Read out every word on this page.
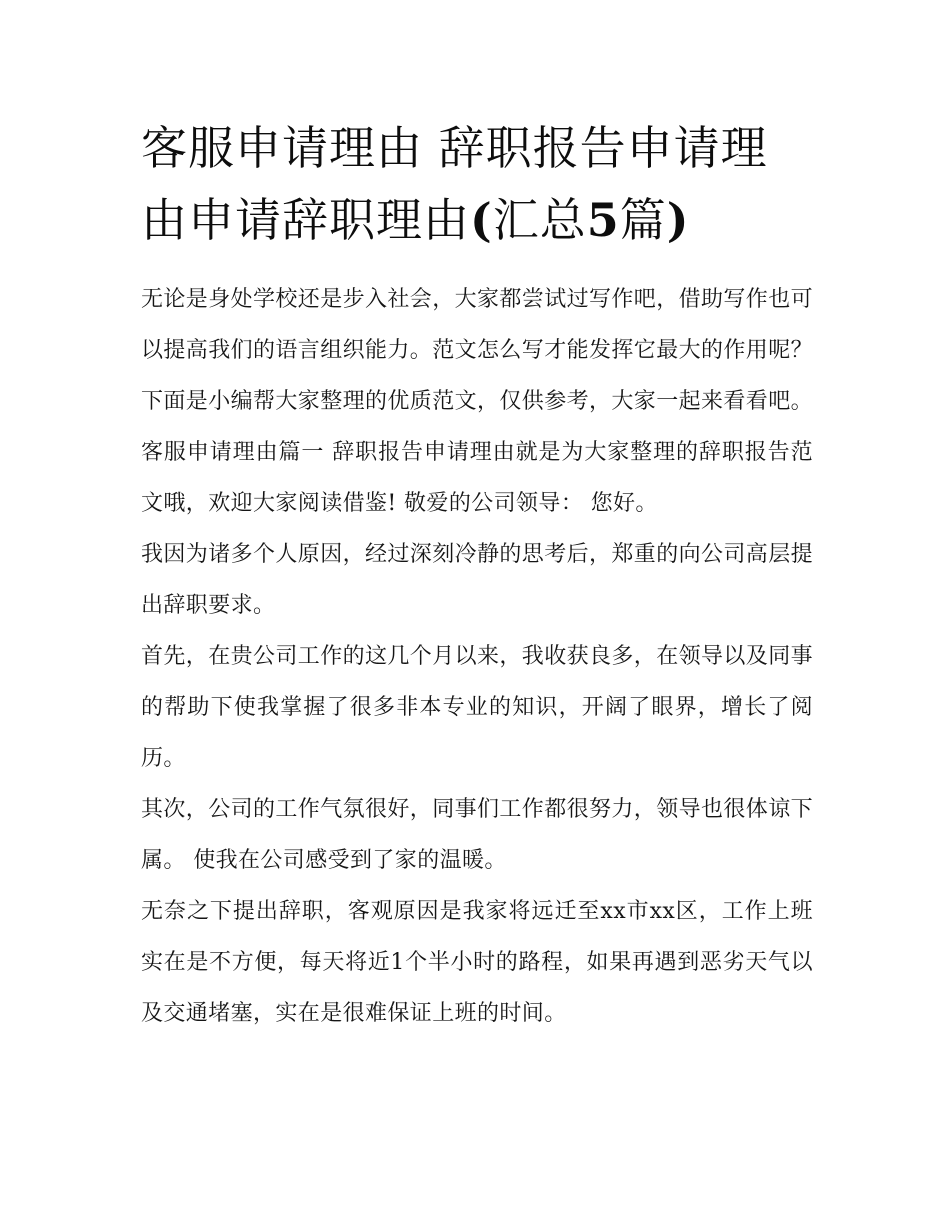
客服申请理由 辞职报告申请理
由申请辞职理由(汇总5篇)

无论是身处学校还是步入社会，大家都尝试过写作吧，借助写作也可以提高我们的语言组织能力。范文怎么写才能发挥它最大的作用呢？下面是小编帮大家整理的优质范文，仅供参考，大家一起来看看吧。

客服申请理由篇一 辞职报告申请理由就是为大家整理的辞职报告范文哦，欢迎大家阅读借鉴! 敬爱的公司领导： 您好。

我因为诸多个人原因，经过深刻冷静的思考后，郑重的向公司高层提出辞职要求。

首先，在贵公司工作的这几个月以来，我收获良多，在领导以及同事的帮助下使我掌握了很多非本专业的知识，开阔了眼界，增长了阅历。

其次，公司的工作气氛很好，同事们工作都很努力，领导也很体谅下属。 使我在公司感受到了家的温暖。

无奈之下提出辞职，客观原因是我家将远迁至xx市xx区，工作上班实在是不方便，每天将近1个半小时的路程，如果再遇到恶劣天气以及交通堵塞，实在是很难保证上班的时间。
